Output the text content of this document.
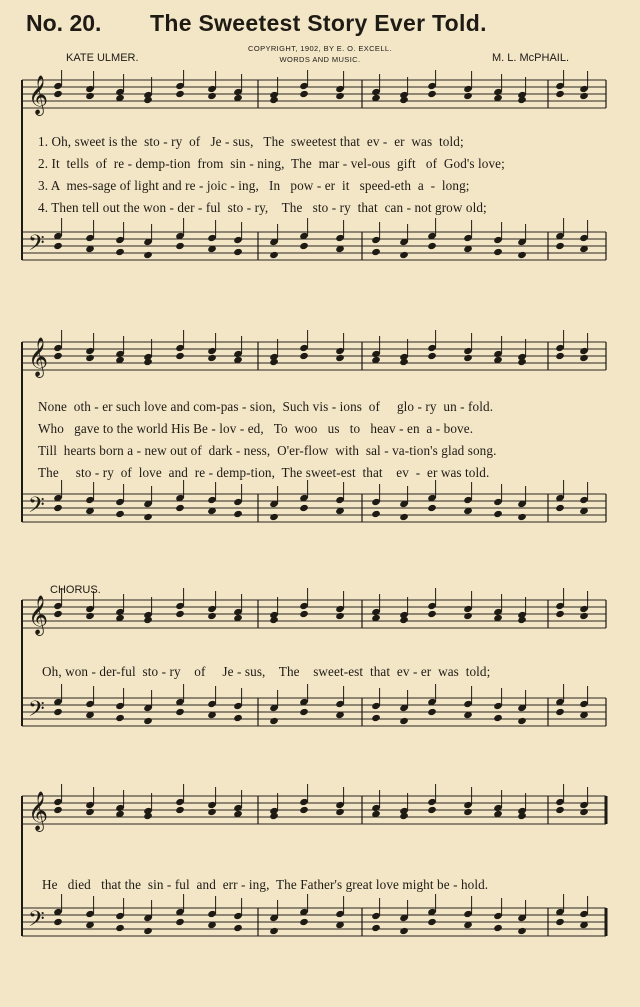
No. 20. The Sweetest Story Ever Told.
KATE ULMER.
COPYRIGHT, 1902, BY E. O. EXCELL.
WORDS AND MUSIC.	M. L. McPHAIL.
𝄞
𝄢
1. Oh, sweet is the  sto - ry  of   Je - sus,   The  sweetest that  ev -  er  was  told;
2. It  tells  of  re - demp-tion  from  sin - ning,  The  mar - vel-ous  gift   of  God's love;
3. A  mes-sage of light and re - joic - ing,   In   pow - er  it   speed-eth  a  -  long;
4. Then tell out the won - der - ful  sto - ry,    The   sto - ry  that  can - not grow old;
𝄞
𝄢
None  oth - er such love and com-pas - sion,  Such vis - ions  of     glo - ry  un - fold.
Who   gave to the world His Be - lov - ed,   To  woo   us   to   heav - en  a - bove.
Till  hearts born a - new out of  dark - ness,  O'er-flow  with  sal - va-tion's glad song.
The     sto - ry  of  love  and  re - demp-tion,  The sweet-est  that    ev  -  er was told.
CHORUS.
𝄞
𝄢
Oh, won - der-ful  sto - ry    of     Je - sus,    The    sweet-est  that  ev - er  was  told;
𝄞
𝄢
He   died   that the  sin - ful  and  err - ing,  The Father's great love might be - hold.
